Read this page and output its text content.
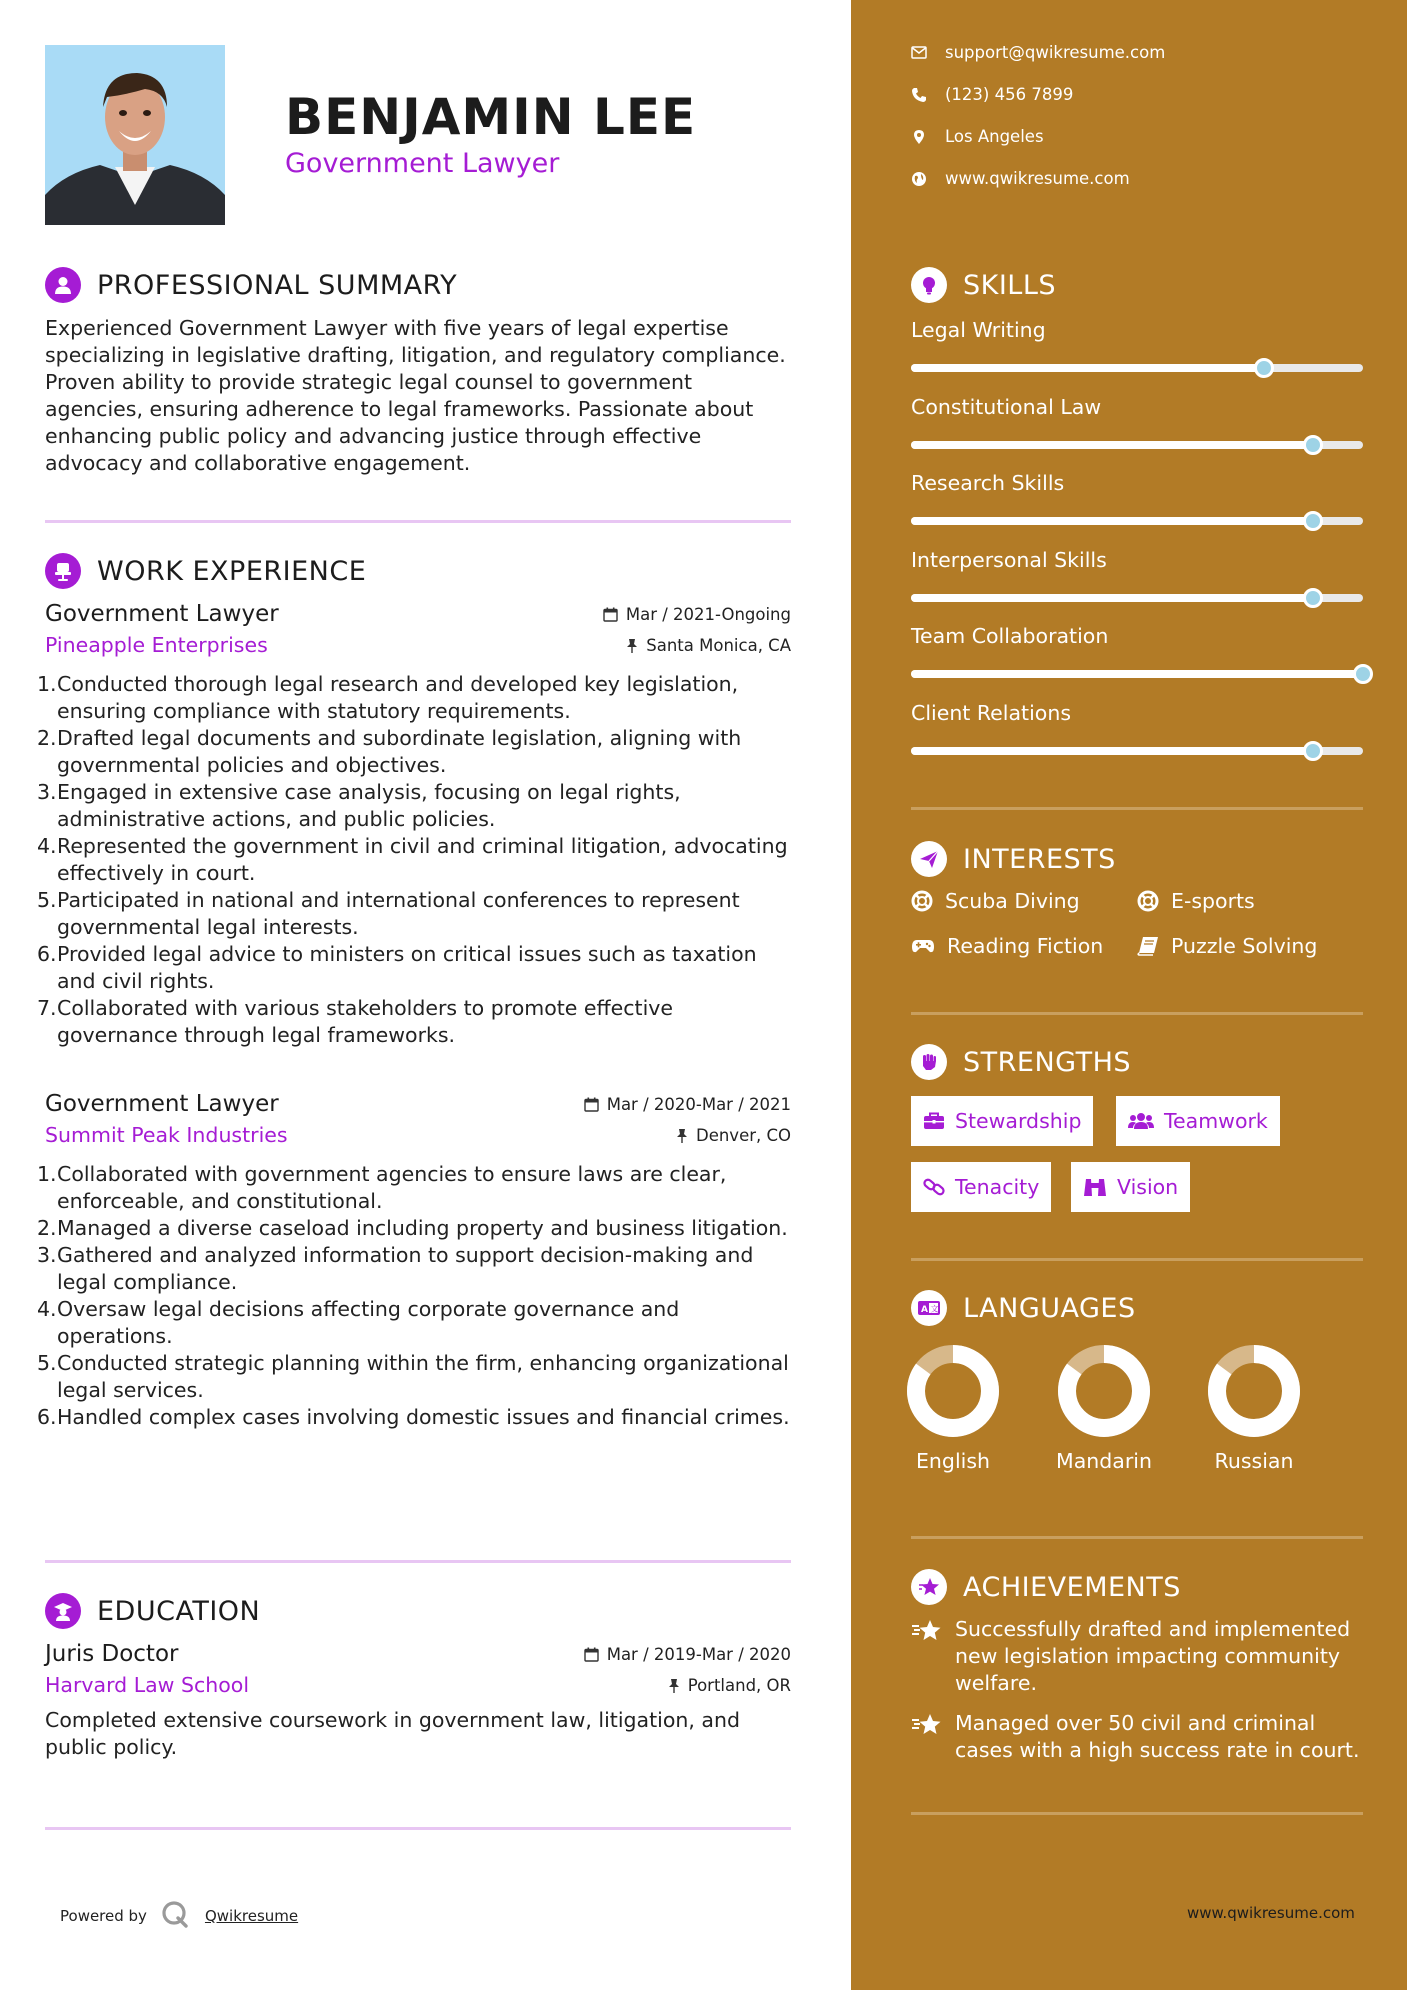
BENJAMIN LEE
Government Lawyer
PROFESSIONAL SUMMARY
Experienced Government Lawyer with five years of legal expertise specializing in legislative drafting, litigation, and regulatory compliance. Proven ability to provide strategic legal counsel to government agencies, ensuring adherence to legal frameworks. Passionate about enhancing public policy and advancing justice through effective advocacy and collaborative engagement.
WORK EXPERIENCE
Government Lawyer	Mar / 2021-Ongoing
Pineapple Enterprises	Santa Monica, CA
1. Conducted thorough legal research and developed key legislation, ensuring compliance with statutory requirements.
2. Drafted legal documents and subordinate legislation, aligning with governmental policies and objectives.
3. Engaged in extensive case analysis, focusing on legal rights, administrative actions, and public policies.
4. Represented the government in civil and criminal litigation, advocating effectively in court.
5. Participated in national and international conferences to represent governmental legal interests.
6. Provided legal advice to ministers on critical issues such as taxation and civil rights.
7. Collaborated with various stakeholders to promote effective governance through legal frameworks.
Government Lawyer	Mar / 2020-Mar / 2021
Summit Peak Industries	Denver, CO
1. Collaborated with government agencies to ensure laws are clear, enforceable, and constitutional.
2. Managed a diverse caseload including property and business litigation.
3. Gathered and analyzed information to support decision-making and legal compliance.
4. Oversaw legal decisions affecting corporate governance and operations.
5. Conducted strategic planning within the firm, enhancing organizational legal services.
6. Handled complex cases involving domestic issues and financial crimes.
EDUCATION
Juris Doctor	Mar / 2019-Mar / 2020
Harvard Law School	Portland, OR
Completed extensive coursework in government law, litigation, and public policy.
Powered by	Qwikresume
support@qwikresume.com
(123) 456 7899
Los Angeles
www.qwikresume.com
SKILLS
Legal Writing
Constitutional Law
Research Skills
Interpersonal Skills
Team Collaboration
Client Relations
INTERESTS
Scuba Diving	E-sports
Reading Fiction	Puzzle Solving
STRENGTHS
Stewardship	Teamwork
Tenacity	Vision
A 文 LANGUAGES
English	Mandarin	Russian
ACHIEVEMENTS
Successfully drafted and implemented new legislation impacting community welfare.
Managed over 50 civil and criminal cases with a high success rate in court.
www.qwikresume.com
